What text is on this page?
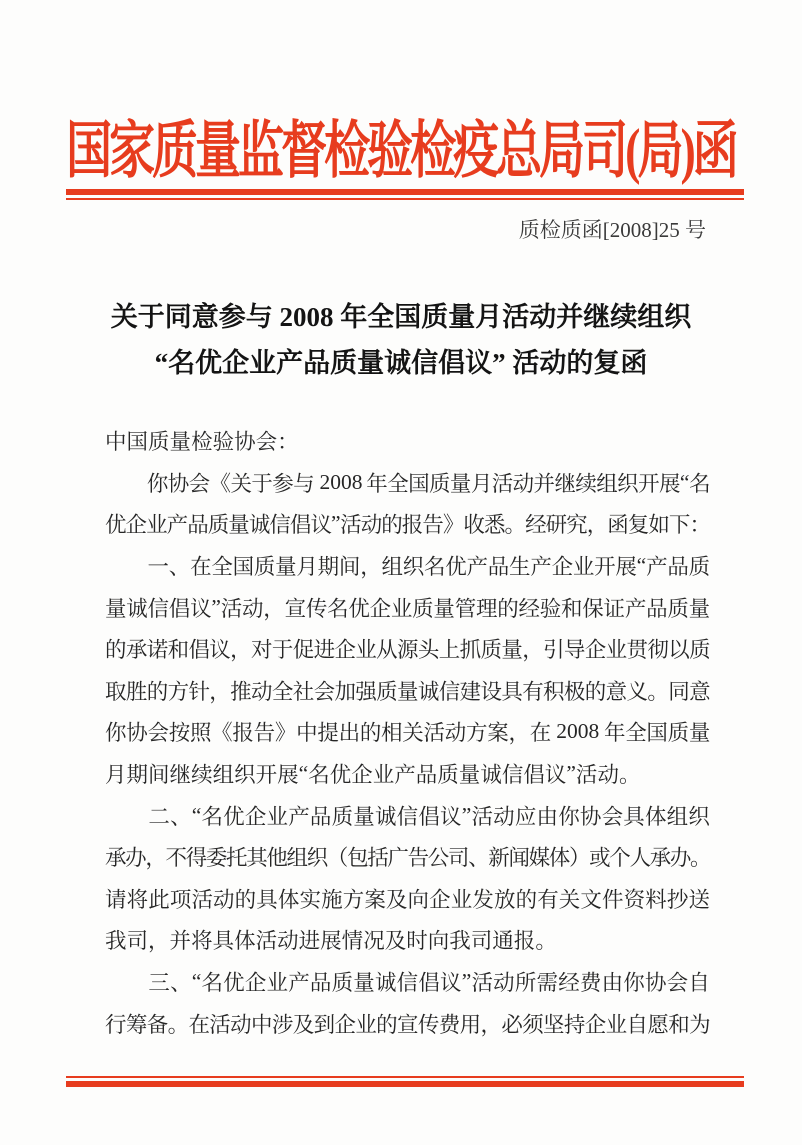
国家质量监督检验检疫总局司(局)函
质检质函[2008]25 号
关于同意参与 2008 年全国质量月活动并继续组织
“名优企业产品质量诚信倡议” 活动的复函
中 国 质 量 检 验 协 会 ：

你 协 会 《 关 于 参 与 2008
年 全 国 质 量 月 活 动 并 继 续 组 织 开 展 “ 名
优 企 业 产 品 质 量 诚 信 倡 议 ” 活 动 的 报 告 》 收 悉 。 经 研 究 ， 函 复 如 下 ：

一 、 在 全 国 质 量 月 期 间 ， 组 织 名 优 产 品 生 产 企 业 开 展 “ 产 品 质
量 诚 信 倡 议 ” 活 动 ， 宣 传 名 优 企 业 质 量 管 理 的 经 验 和 保 证 产 品 质 量
的 承 诺 和 倡 议 ， 对 于 促 进 企 业 从 源 头 上 抓 质 量 ， 引 导 企 业 贯 彻 以 质
取 胜 的 方 针 ， 推 动 全 社 会 加 强 质 量 诚 信 建 设 具 有 积 极 的 意 义 。 同 意
你 协 会 按 照 《 报 告 》 中 提 出 的 相 关 活 动 方 案 ， 在 2008 年 全 国 质 量
月 期 间 继 续 组 织 开 展 “ 名 优 企 业 产 品 质 量 诚 信 倡 议 ” 活 动 。

二 、 “ 名 优 企 业 产 品 质 量 诚 信 倡 议 ” 活 动 应 由 你 协 会 具 体 组 织
承
办
，
不
得
委
托
其
他
组
织
（
包
括
广
告
公
司
、
新
闻
媒
体
）
或
个
人
承
办
。
请 将 此 项 活 动 的 具 体 实 施 方 案 及 向 企 业 发 放 的 有 关 文 件 资 料 抄 送
我 司 ， 并 将 具 体 活 动 进 展 情 况 及 时 向 我 司 通 报 。

三 、 “ 名 优 企 业 产 品 质 量 诚 信 倡 议 ” 活 动 所 需 经 费 由 你 协 会 自
行 筹 备 。 在 活 动 中 涉 及 到 企 业 的 宣 传 费 用 ， 必 须 坚 持 企 业 自 愿 和 为
